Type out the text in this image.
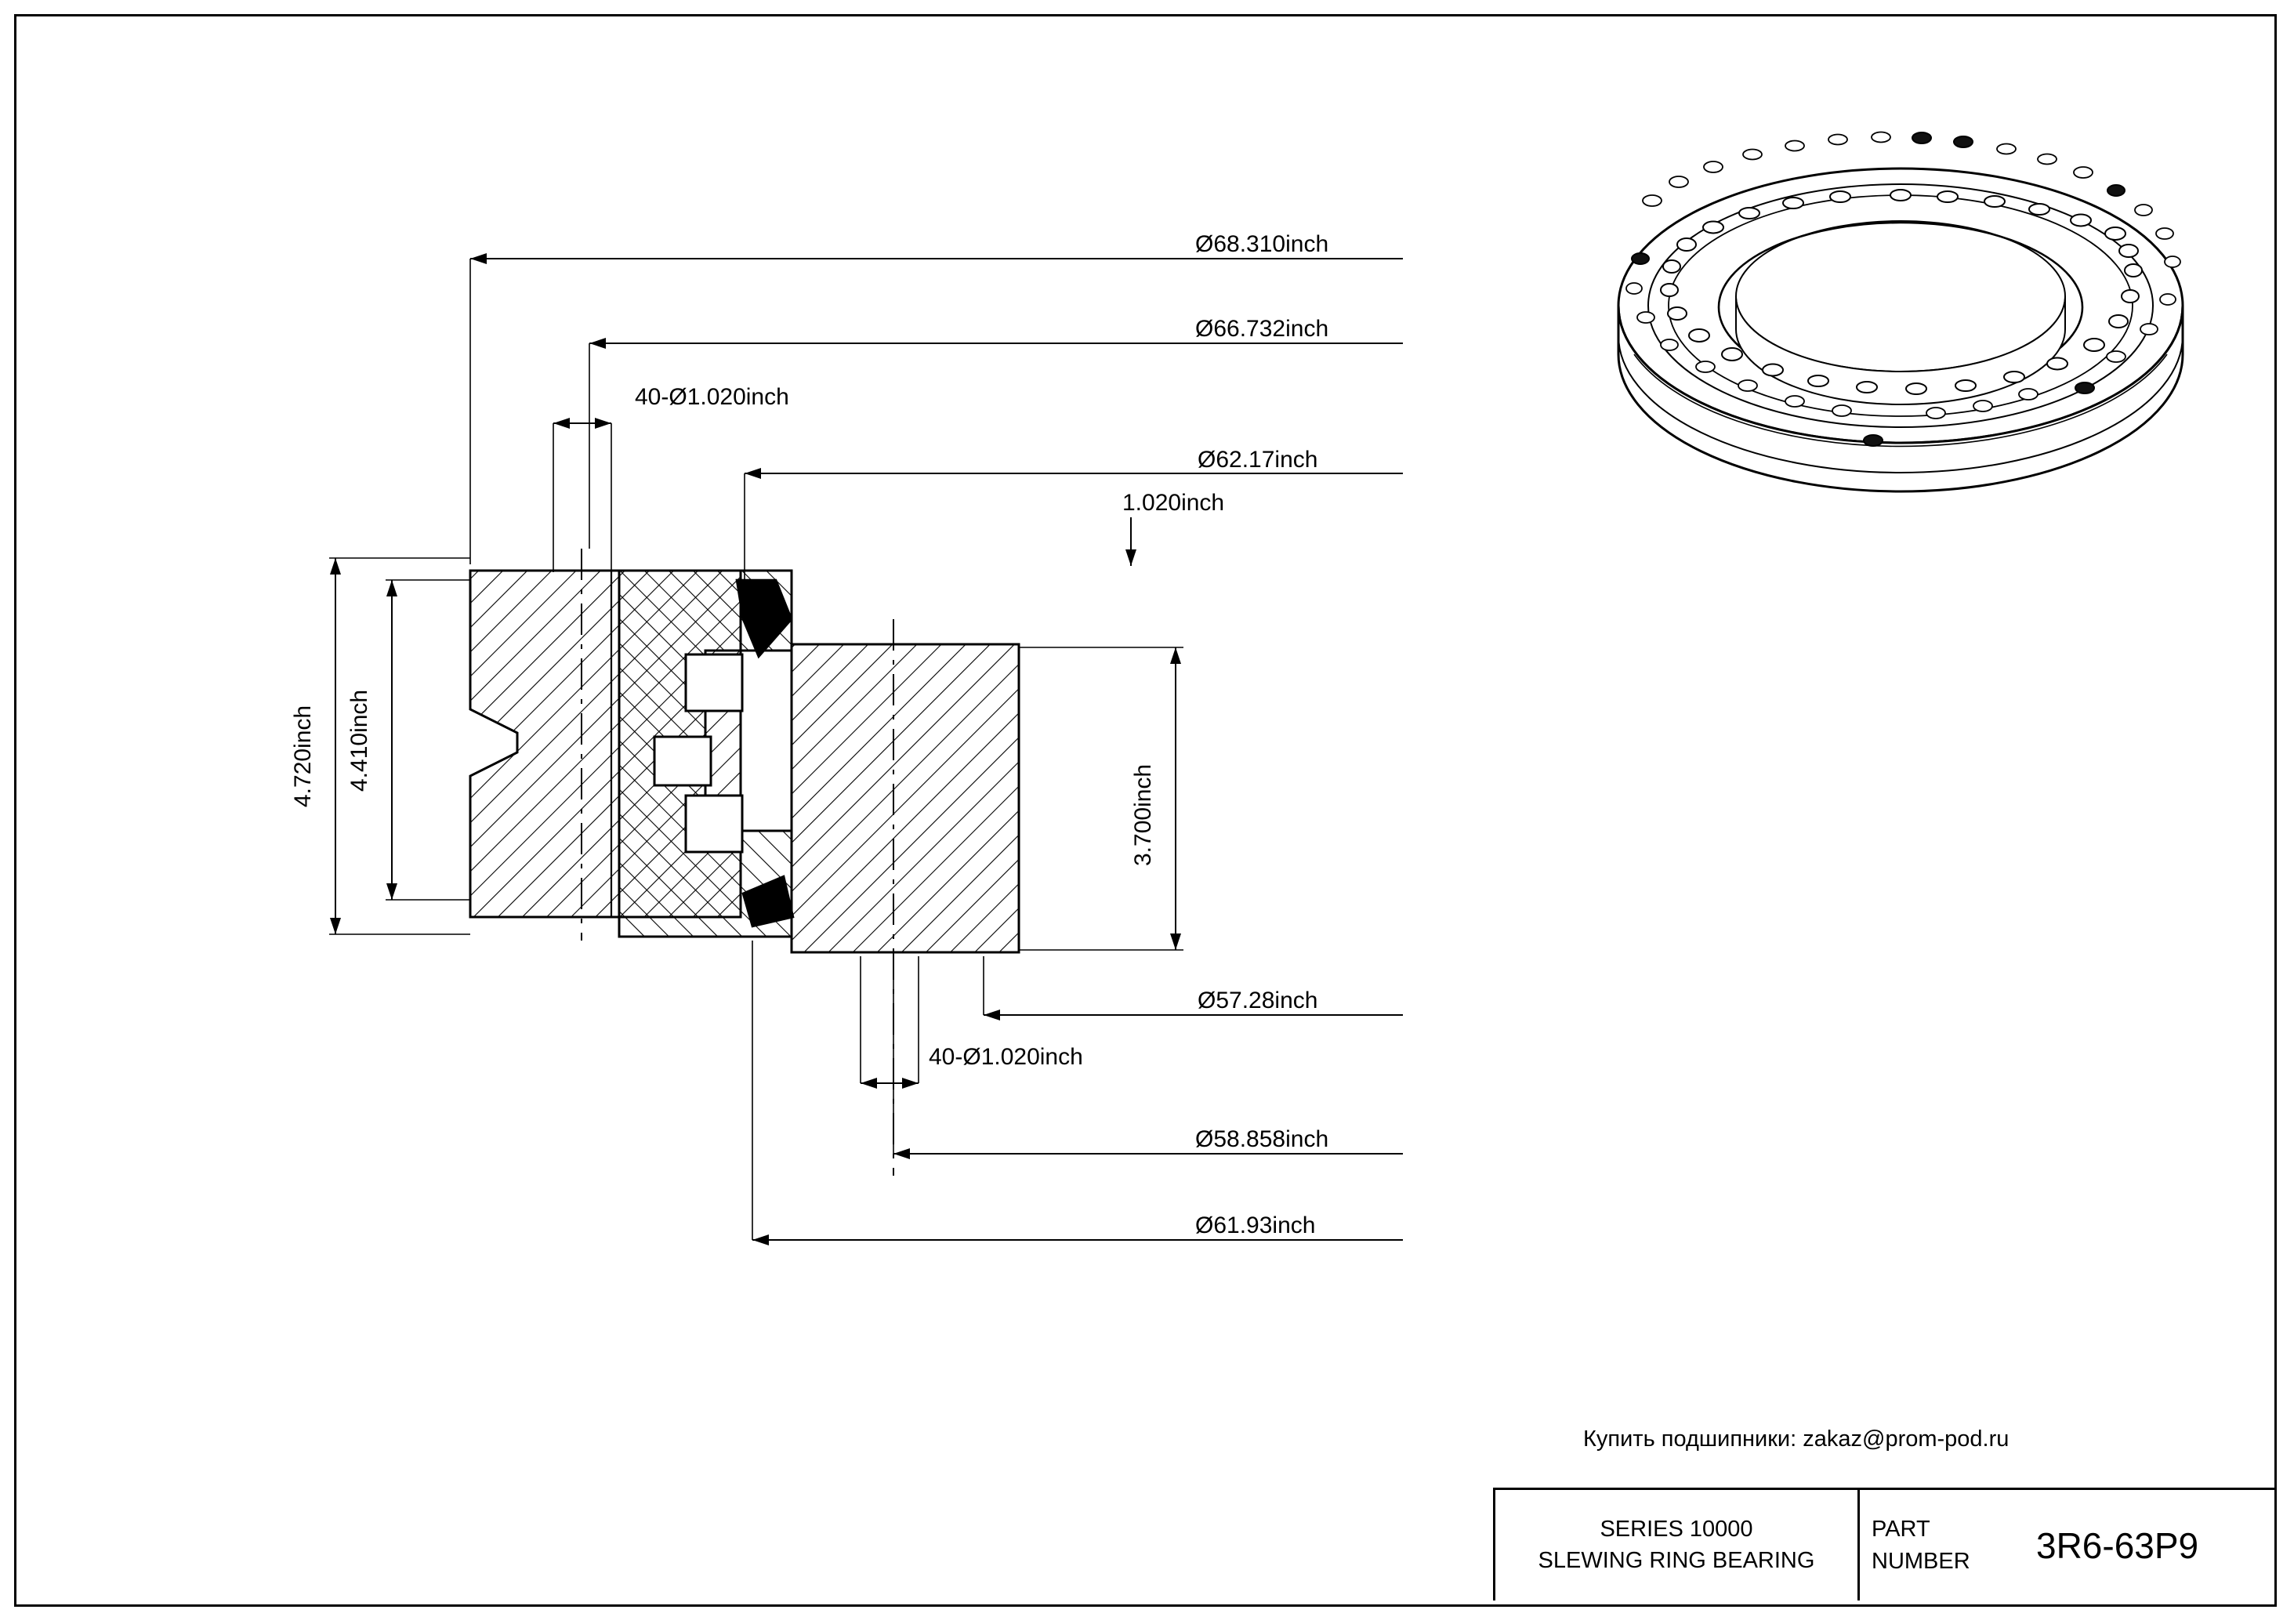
Ø68.310inch
Ø66.732inch
40-Ø1.020inch
Ø62.17inch
1.020inch
4.720inch 4.410inch
3.700inch
Ø57.28inch
40-Ø1.020inch
Ø58.858inch
Ø61.93inch
Купить подшипники: zakaz@prom-pod.ru
SERIES 10000
SLEWING RING BEARING
PART
NUMBER	3R6-63P9
